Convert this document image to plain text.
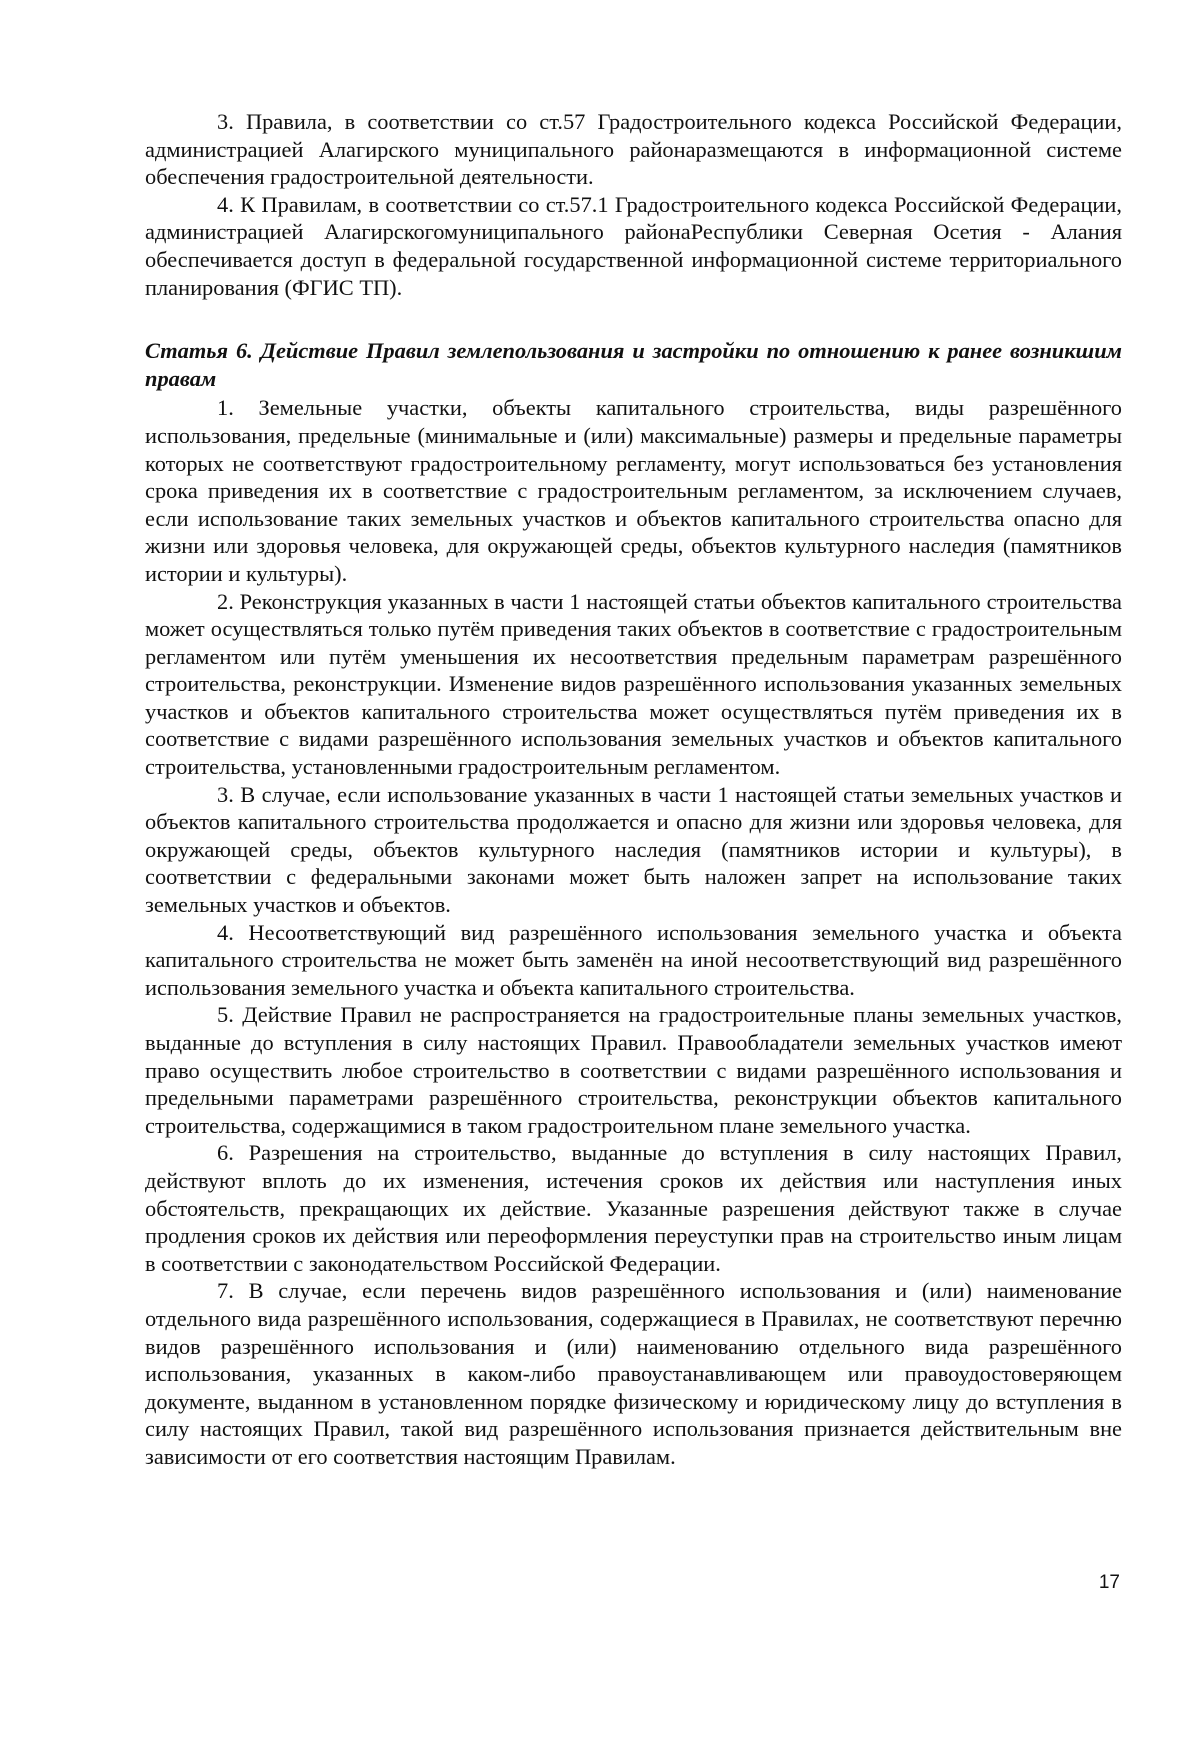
3. Правила, в соответствии со ст.57 Градостроительного кодекса Российской Федерации, администрацией Алагирского муниципального районаразмещаются в информационной системе обеспечения градостроительной деятельности.

4. К Правилам, в соответствии со ст.57.1 Градостроительного кодекса Российской Федерации, администрацией Алагирскогомуниципального районаРеспублики Северная Осетия - Алания обеспечивается доступ в федеральной государственной информационной системе территориального планирования (ФГИС ТП).

Статья 6. Действие Правил землепользования и застройки по отношению к ранее возникшим правам

1. Земельные участки, объекты капитального строительства, виды разрешённого использования, предельные (минимальные и (или) максимальные) размеры и предельные параметры которых не соответствуют градостроительному регламенту, могут использоваться без установления срока приведения их в соответствие с градостроительным регламентом, за исключением случаев, если использование таких земельных участков и объектов капитального строительства опасно для жизни или здоровья человека, для окружающей среды, объектов культурного наследия (памятников истории и культуры).

2. Реконструкция указанных в части 1 настоящей статьи объектов капитального строительства может осуществляться только путём приведения таких объектов в соответствие с градостроительным регламентом или путём уменьшения их несоответствия предельным параметрам разрешённого строительства, реконструкции. Изменение видов разрешённого использования указанных земельных участков и объектов капитального строительства может осуществляться путём приведения их в соответствие с видами разрешённого использования земельных участков и объектов капитального строительства, установленными градостроительным регламентом.

3. В случае, если использование указанных в части 1 настоящей статьи земельных участков и объектов капитального строительства продолжается и опасно для жизни или здоровья человека, для окружающей среды, объектов культурного наследия (памятников истории и культуры), в соответствии с федеральными законами может быть наложен запрет на использование таких земельных участков и объектов.

4. Несоответствующий вид разрешённого использования земельного участка и объекта капитального строительства не может быть заменён на иной несоответствующий вид разрешённого использования земельного участка и объекта капитального строительства.

5. Действие Правил не распространяется на градостроительные планы земельных участков, выданные до вступления в силу настоящих Правил. Правообладатели земельных участков имеют право осуществить любое строительство в соответствии с видами разрешённого использования и предельными параметрами разрешённого строительства, реконструкции объектов капитального строительства, содержащимися в таком градостроительном плане земельного участка.

6. Разрешения на строительство, выданные до вступления в силу настоящих Правил, действуют вплоть до их изменения, истечения сроков их действия или наступления иных обстоятельств, прекращающих их действие. Указанные разрешения действуют также в случае продления сроков их действия или переоформления переуступки прав на строительство иным лицам в соответствии с законодательством Российской Федерации.

7. В случае, если перечень видов разрешённого использования и (или) наименование отдельного вида разрешённого использования, содержащиеся в Правилах, не соответствуют перечню видов разрешённого использования и (или) наименованию отдельного вида разрешённого использования, указанных в каком-либо правоустанавливающем или правоудостоверяющем документе, выданном в установленном порядке физическому и юридическому лицу до вступления в силу настоящих Правил, такой вид разрешённого использования признается действительным вне зависимости от его соответствия настоящим Правилам.

17
